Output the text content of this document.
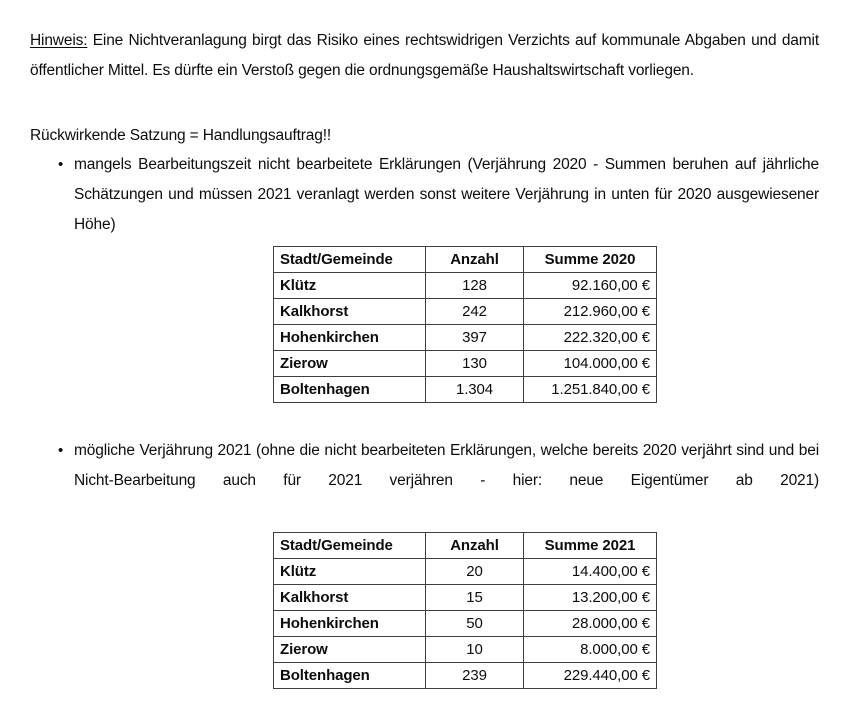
Hinweis: Eine Nichtveranlagung birgt das Risiko eines rechtswidrigen Verzichts auf kommunale Abgaben und damit öffentlicher Mittel. Es dürfte ein Verstoß gegen die ordnungsgemäße Haushaltswirtschaft vorliegen.

Rückwirkende Satzung = Handlungsauftrag!!

• mangels Bearbeitungszeit nicht bearbeitete Erklärungen (Verjährung 2020 - Summen beruhen auf jährliche Schätzungen und müssen 2021 veranlagt werden sonst weitere Verjährung in unten für 2020 ausgewiesener Höhe)
Stadt/Gemeinde	Anzahl	Summe 2020
Klütz	128	92.160,00 €
Kalkhorst	242	212.960,00 €
Hohenkirchen	397	222.320,00 €
Zierow	130	104.000,00 €
Boltenhagen	1.304	1.251.840,00 €
• mögliche Verjährung 2021 (ohne die nicht bearbeiteten Erklärungen, welche bereits 2020 verjährt sind und bei Nicht-Bearbeitung auch für 2021 verjähren - hier: neue Eigentümer ab 2021)
Stadt/Gemeinde	Anzahl	Summe 2021
Klütz	20	14.400,00 €
Kalkhorst	15	13.200,00 €
Hohenkirchen	50	28.000,00 €
Zierow	10	8.000,00 €
Boltenhagen	239	229.440,00 €
